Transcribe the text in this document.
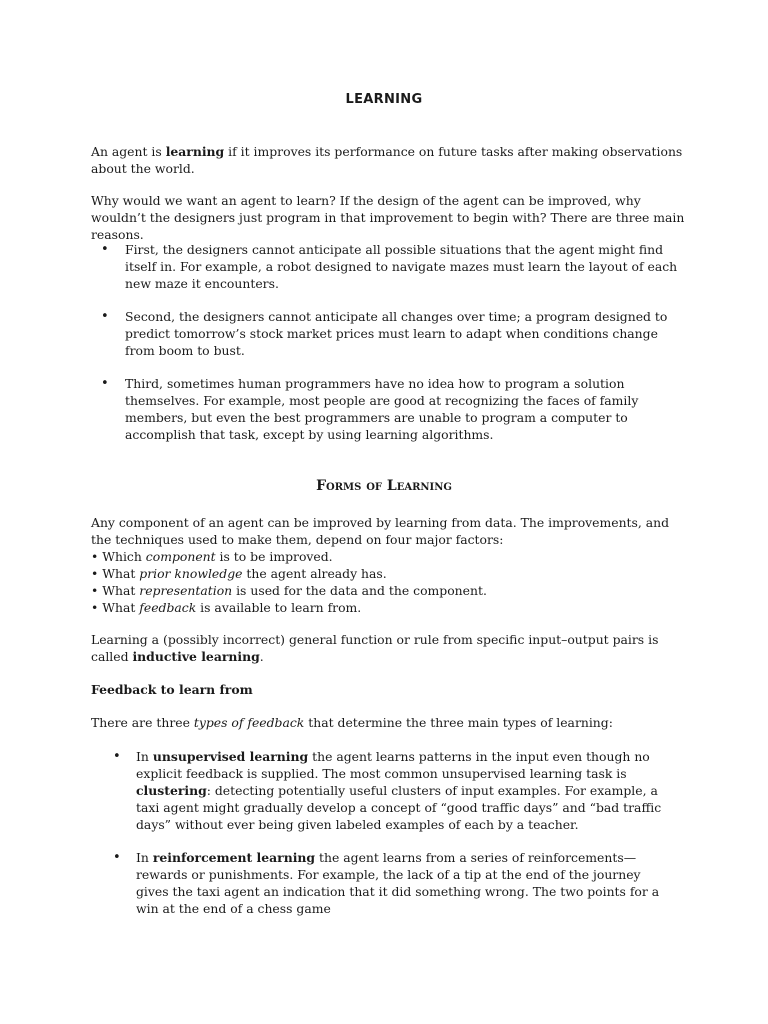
LEARNING

An agent is learning if it improves its performance on future tasks after making observations about the world.

Why would we want an agent to learn? If the design of the agent can be improved, why wouldn’t the designers just program in that improvement to begin with? There are three main reasons.

• First, the designers cannot anticipate all possible situations that the agent might find itself in. For example, a robot designed to navigate mazes must learn the layout of each new maze it encounters.
• Second, the designers cannot anticipate all changes over time; a program designed to predict tomorrow’s stock market prices must learn to adapt when conditions change from boom to bust.
• Third, sometimes human programmers have no idea how to program a solution themselves. For example, most people are good at recognizing the faces of family members, but even the best programmers are unable to program a computer to accomplish that task, except by using learning algorithms.
Forms of Learning
Any component of an agent can be improved by learning from data. The improvements, and the techniques used to make them, depend on four major factors:
• Which component is to be improved.
• What prior knowledge the agent already has.
• What representation is used for the data and the component.
• What feedback is available to learn from.

Learning a (possibly incorrect) general function or rule from specific input–output pairs is called inductive learning.

Feedback to learn from

There are three types of feedback that determine the three main types of learning:

• In unsupervised learning the agent learns patterns in the input even though no explicit feedback is supplied. The most common unsupervised learning task is clustering: detecting potentially useful clusters of input examples. For example, a taxi agent might gradually develop a concept of “good traffic days” and “bad traffic days” without ever being given labeled examples of each by a teacher.
• In reinforcement learning the agent learns from a series of reinforcements—rewards or punishments. For example, the lack of a tip at the end of the journey gives the taxi agent an indication that it did something wrong. The two points for a win at the end of a chess game
